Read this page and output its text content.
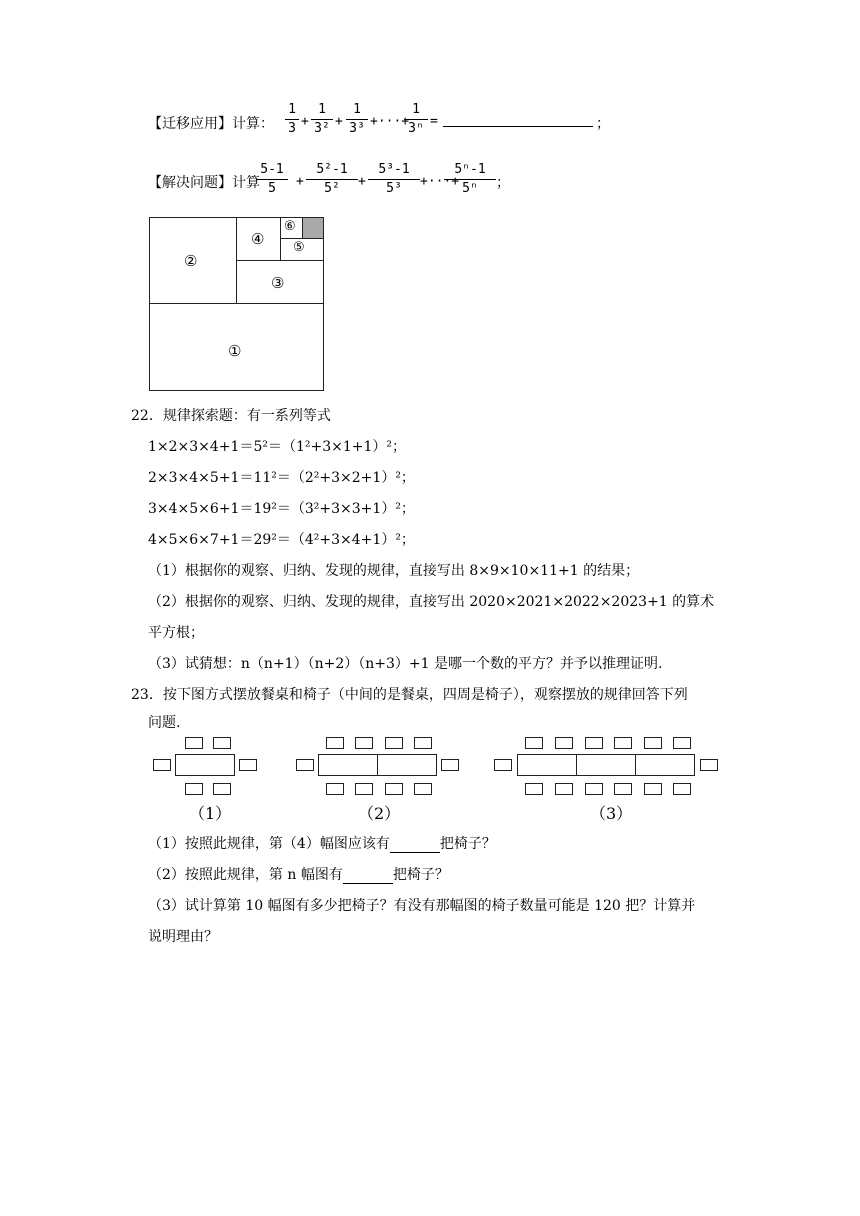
【迁移应用】计算：
1
3 +
1
3² +
1
3³ +···+
1
3ⁿ =	；
【解决问题】计算
5-1
5	+
5²-1
5²	+
5³-1
5³	+···+
5ⁿ-1
5ⁿ	；
①
②
③
④ ⑤
⑥
22．规律探索题：有一系列等式
1×2×3×4+1＝5²＝（1²+3×1+1）²；
2×3×4×5+1＝11²＝（2²+3×2+1）²；
3×4×5×6+1＝19²＝（3²+3×3+1）²；
4×5×6×7+1＝29²＝（4²+3×4+1）²；
（1）根据你的观察、归纳、发现的规律，直接写出 8×9×10×11+1 的结果；
（2）根据你的观察、归纳、发现的规律，直接写出 2020×2021×2022×2023+1 的算术
平方根；
（3）试猜想：n（n+1）（n+2）（n+3）+1 是哪一个数的平方？并予以推理证明.
23．按下图方式摆放餐桌和椅子（中间的是餐桌，四周是椅子），观察摆放的规律回答下列
问题.
（1）	（2）	（3）
（1）按照此规律，第（4）幅图应该有	把椅子？
（2）按照此规律，第 n 幅图有	把椅子？
（3）试计算第 10 幅图有多少把椅子？有没有那幅图的椅子数量可能是 120 把？计算并
说明理由？
